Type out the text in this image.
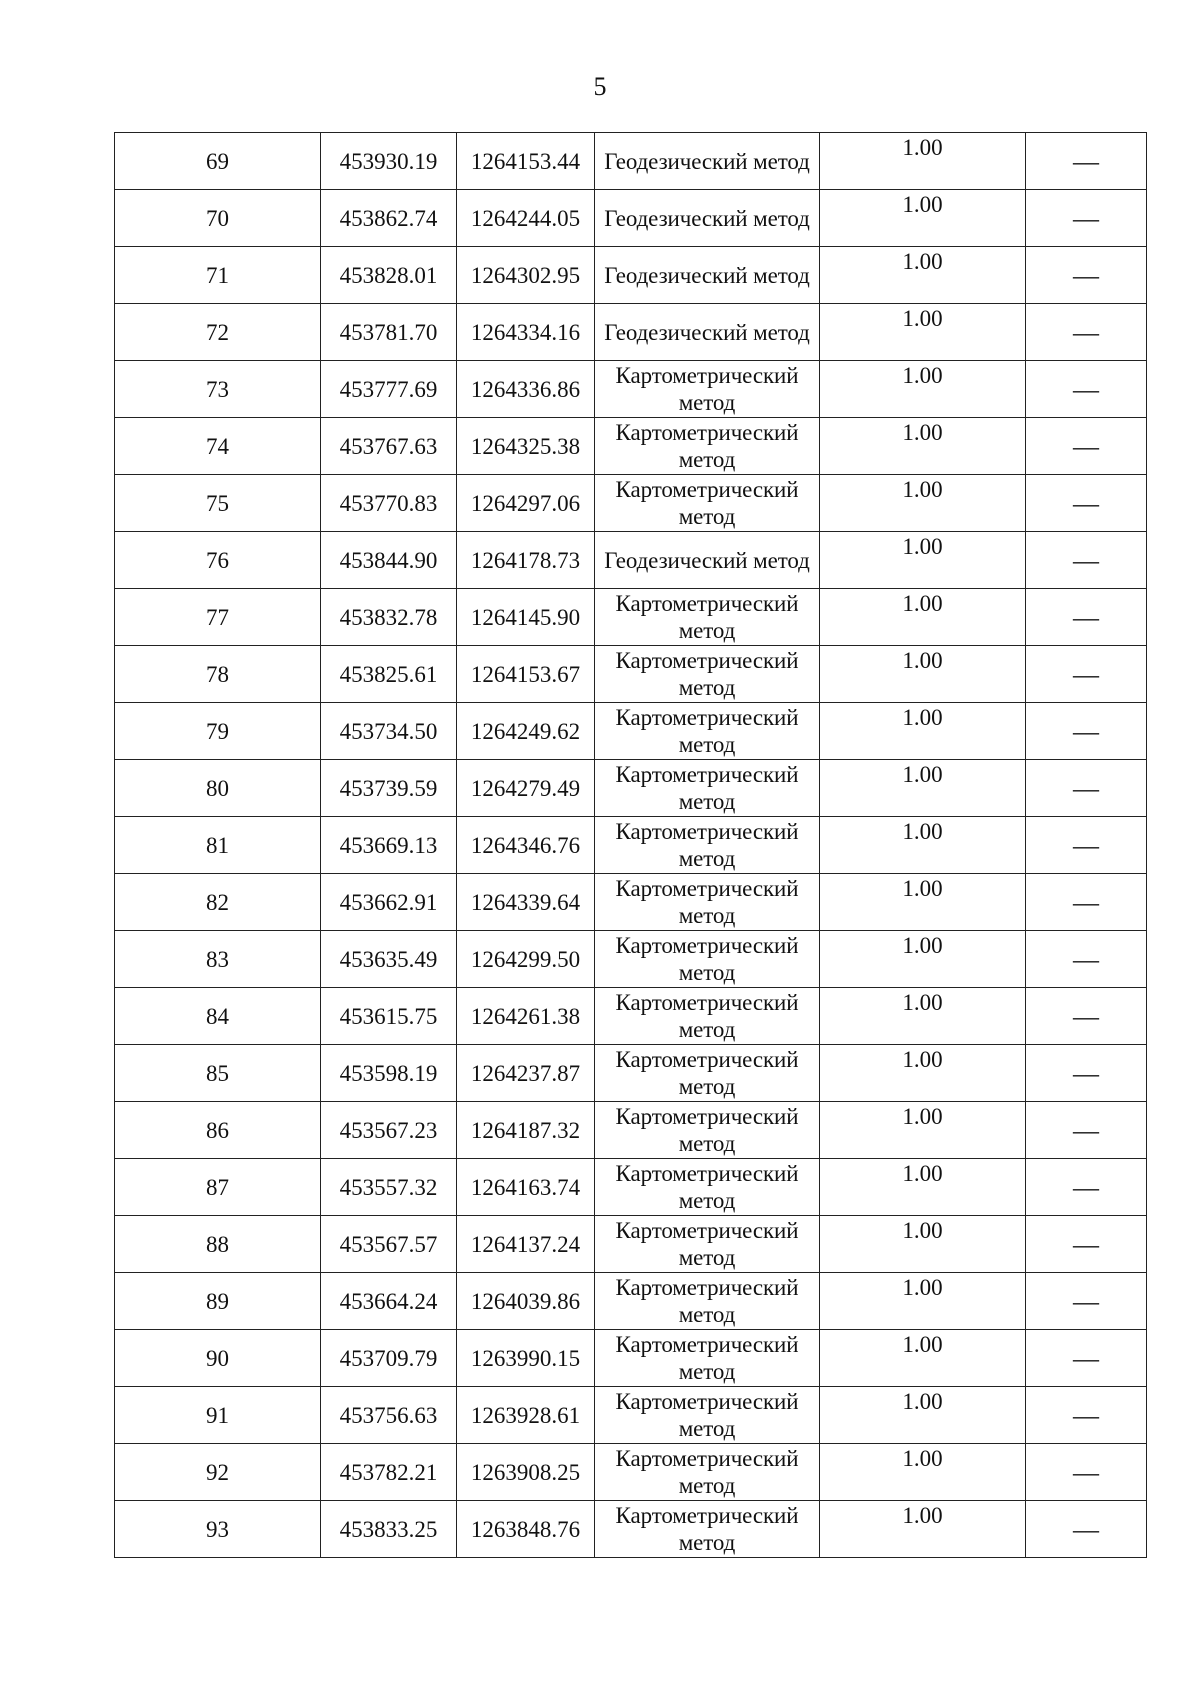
5
69	453930.19	1264153.44	Геодезический метод	1.00	—
70	453862.74	1264244.05	Геодезический метод	1.00	—
71	453828.01	1264302.95	Геодезический метод	1.00	—
72	453781.70	1264334.16	Геодезический метод	1.00	—
73	453777.69	1264336.86	Картометрический метод	1.00	—
74	453767.63	1264325.38	Картометрический метод	1.00	—
75	453770.83	1264297.06	Картометрический метод	1.00	—
76	453844.90	1264178.73	Геодезический метод	1.00	—
77	453832.78	1264145.90	Картометрический метод	1.00	—
78	453825.61	1264153.67	Картометрический метод	1.00	—
79	453734.50	1264249.62	Картометрический метод	1.00	—
80	453739.59	1264279.49	Картометрический метод	1.00	—
81	453669.13	1264346.76	Картометрический метод	1.00	—
82	453662.91	1264339.64	Картометрический метод	1.00	—
83	453635.49	1264299.50	Картометрический метод	1.00	—
84	453615.75	1264261.38	Картометрический метод	1.00	—
85	453598.19	1264237.87	Картометрический метод	1.00	—
86	453567.23	1264187.32	Картометрический метод	1.00	—
87	453557.32	1264163.74	Картометрический метод	1.00	—
88	453567.57	1264137.24	Картометрический метод	1.00	—
89	453664.24	1264039.86	Картометрический метод	1.00	—
90	453709.79	1263990.15	Картометрический метод	1.00	—
91	453756.63	1263928.61	Картометрический метод	1.00	—
92	453782.21	1263908.25	Картометрический метод	1.00	—
93	453833.25	1263848.76	Картометрический метод	1.00	—
